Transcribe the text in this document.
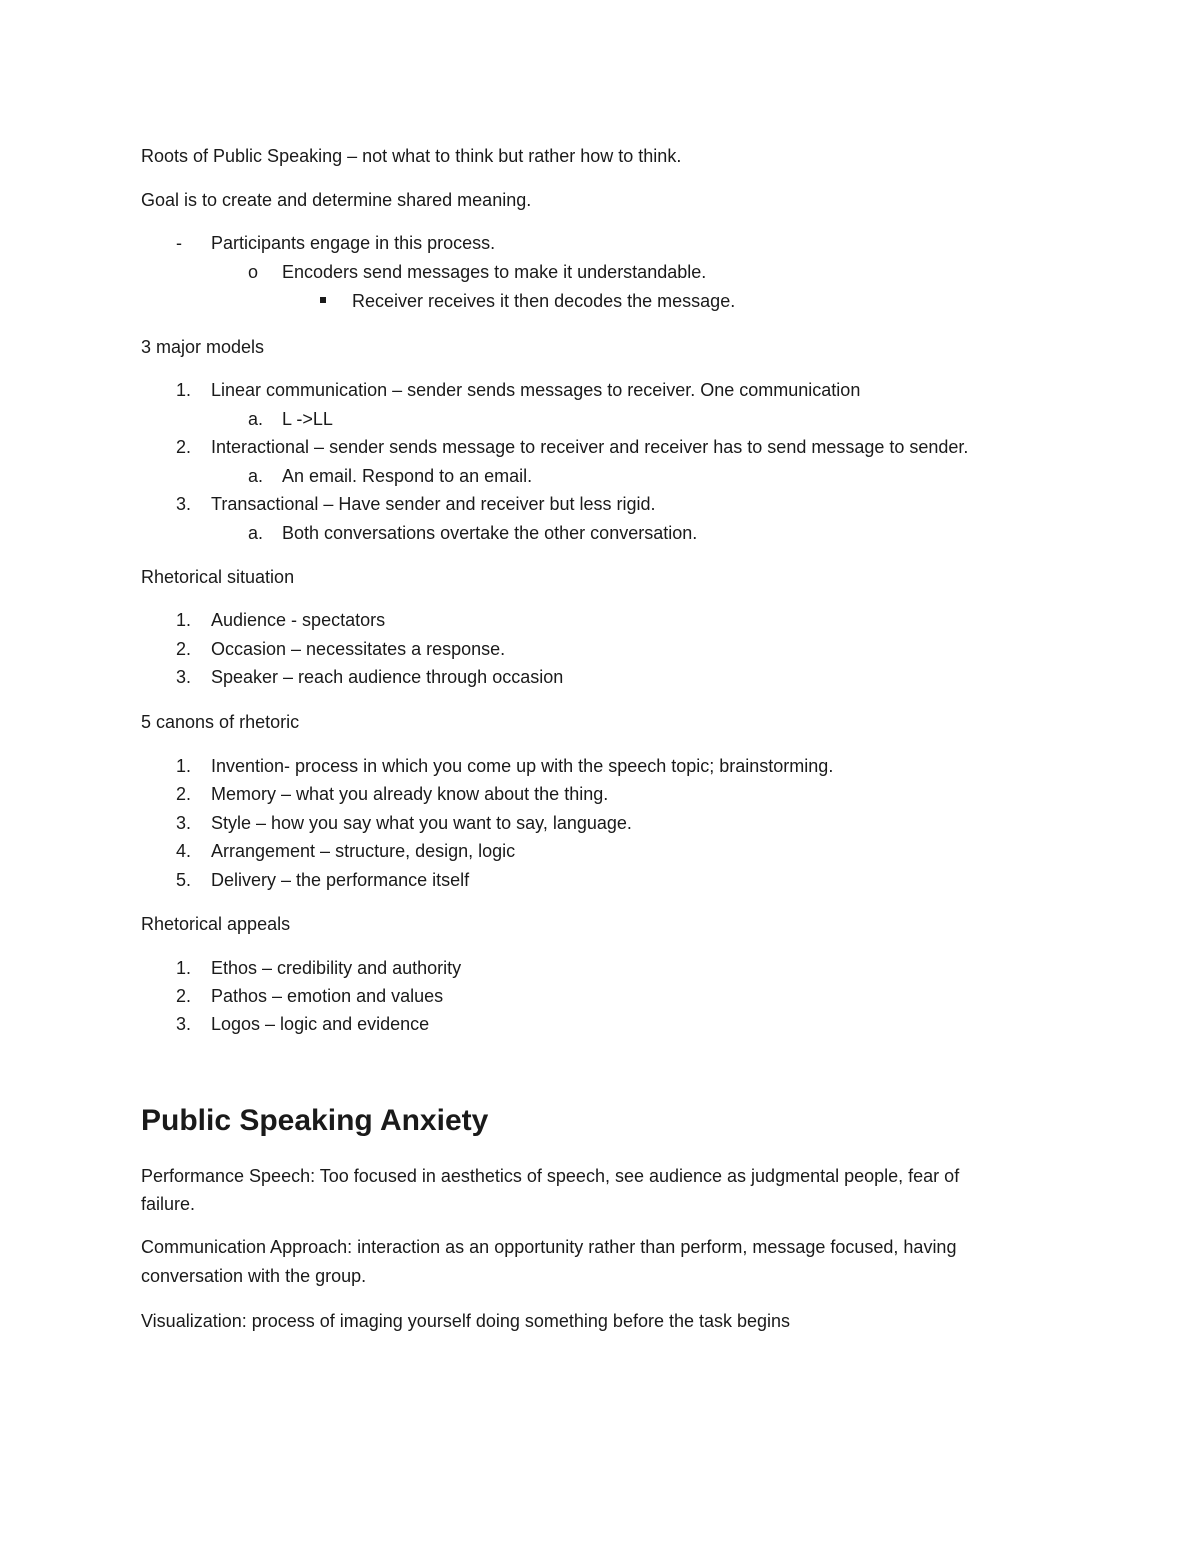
Roots of Public Speaking – not what to think but rather how to think.
Goal is to create and determine shared meaning.
- Participants engage in this process.
o Encoders send messages to make it understandable.
Receiver receives it then decodes the message.
3 major models
1. Linear communication – sender sends messages to receiver. One communication
a. L ->LL
2. Interactional – sender sends message to receiver and receiver has to send message to sender.
a. An email. Respond to an email.
3. Transactional – Have sender and receiver but less rigid.
a. Both conversations overtake the other conversation.
Rhetorical situation
1. Audience - spectators
2. Occasion – necessitates a response.
3. Speaker – reach audience through occasion
5 canons of rhetoric
1. Invention- process in which you come up with the speech topic; brainstorming.
2. Memory – what you already know about the thing.
3. Style – how you say what you want to say, language.
4. Arrangement – structure, design, logic
5. Delivery – the performance itself
Rhetorical appeals
1. Ethos – credibility and authority
2. Pathos – emotion and values
3. Logos – logic and evidence
Public Speaking Anxiety
Performance Speech: Too focused in aesthetics of speech, see audience as judgmental people, fear of
failure.
Communication Approach: interaction as an opportunity rather than perform, message focused, having
conversation with the group.
Visualization: process of imaging yourself doing something before the task begins
